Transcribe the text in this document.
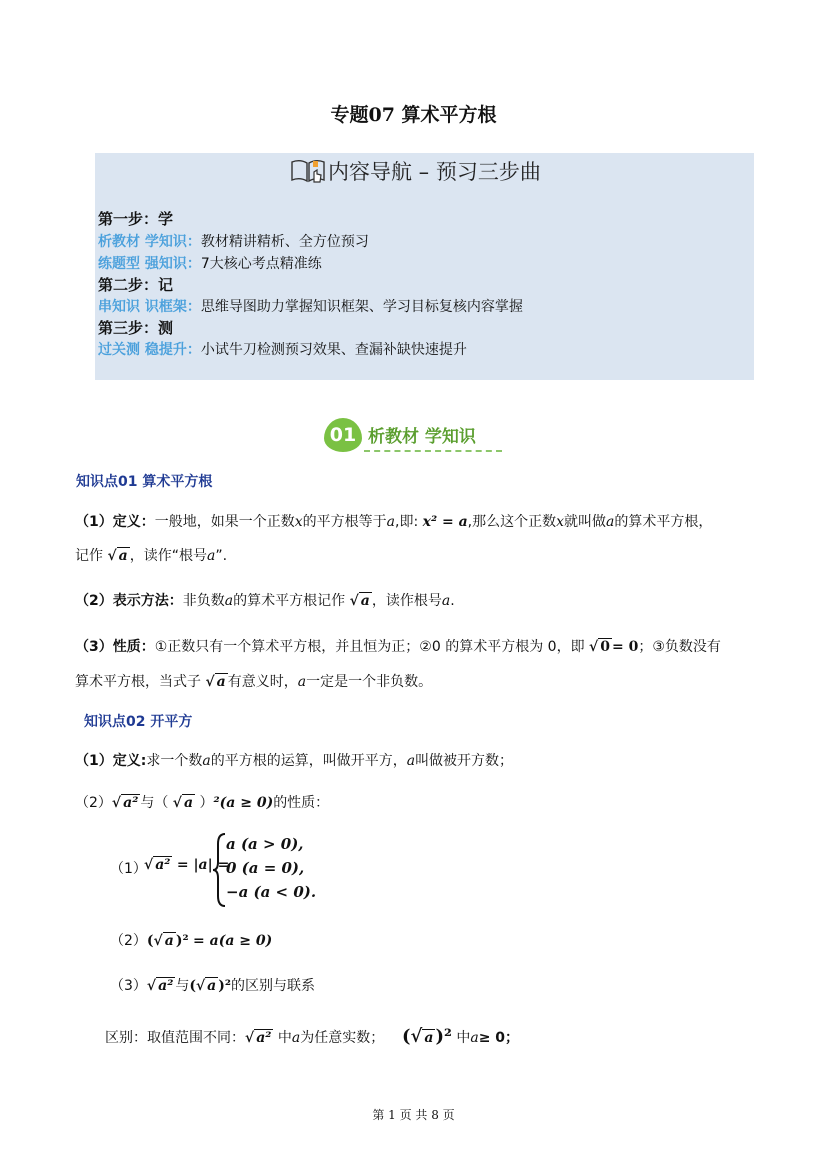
专题07 算术平方根
内容导航 – 预习三步曲
第一步：学
析教材 学知识：教材精讲精析、全方位预习
练题型 强知识：7大核心考点精准练
第二步：记
串知识 识框架：思维导图助力掌握知识框架、学习目标复核内容掌握
第三步：测
过关测 稳提升：小试牛刀检测预习效果、查漏补缺快速提升
01 析教材 学知识
知识点01 算术平方根
（1）定义：一般地，如果一个正数x的平方根等于a,即: x² = a,那么这个正数x就叫做a的算术平方根，
记作 √ a ，读作“根号a”.
（2）表示方法：非负数a的算术平方根记作 √ a ，读作根号a.
（3）性质：①正数只有一个算术平方根，并且恒为正；②0 的算术平方根为 0，即 √ 0 = 0；③负数没有
算术平方根，当式子 √ a 有意义时，a一定是一个非负数。
知识点02 开平方
（1）定义:求一个数a的平方根的运算，叫做开平方，a叫做被开方数；
（2）√ a² 与（ √ a ）²(a ≥ 0)的性质：
（1）
√ a² = |a| =
a (a > 0),
0 (a = 0),
−a (a < 0).
（2）(√ a )² = a(a ≥ 0)
（3）√ a² 与(√ a )²的区别与联系
区别：取值范围不同：√ a² 中a为任意实数； (√ a )² 中a≥ 0；
第 1 页 共 8 页
